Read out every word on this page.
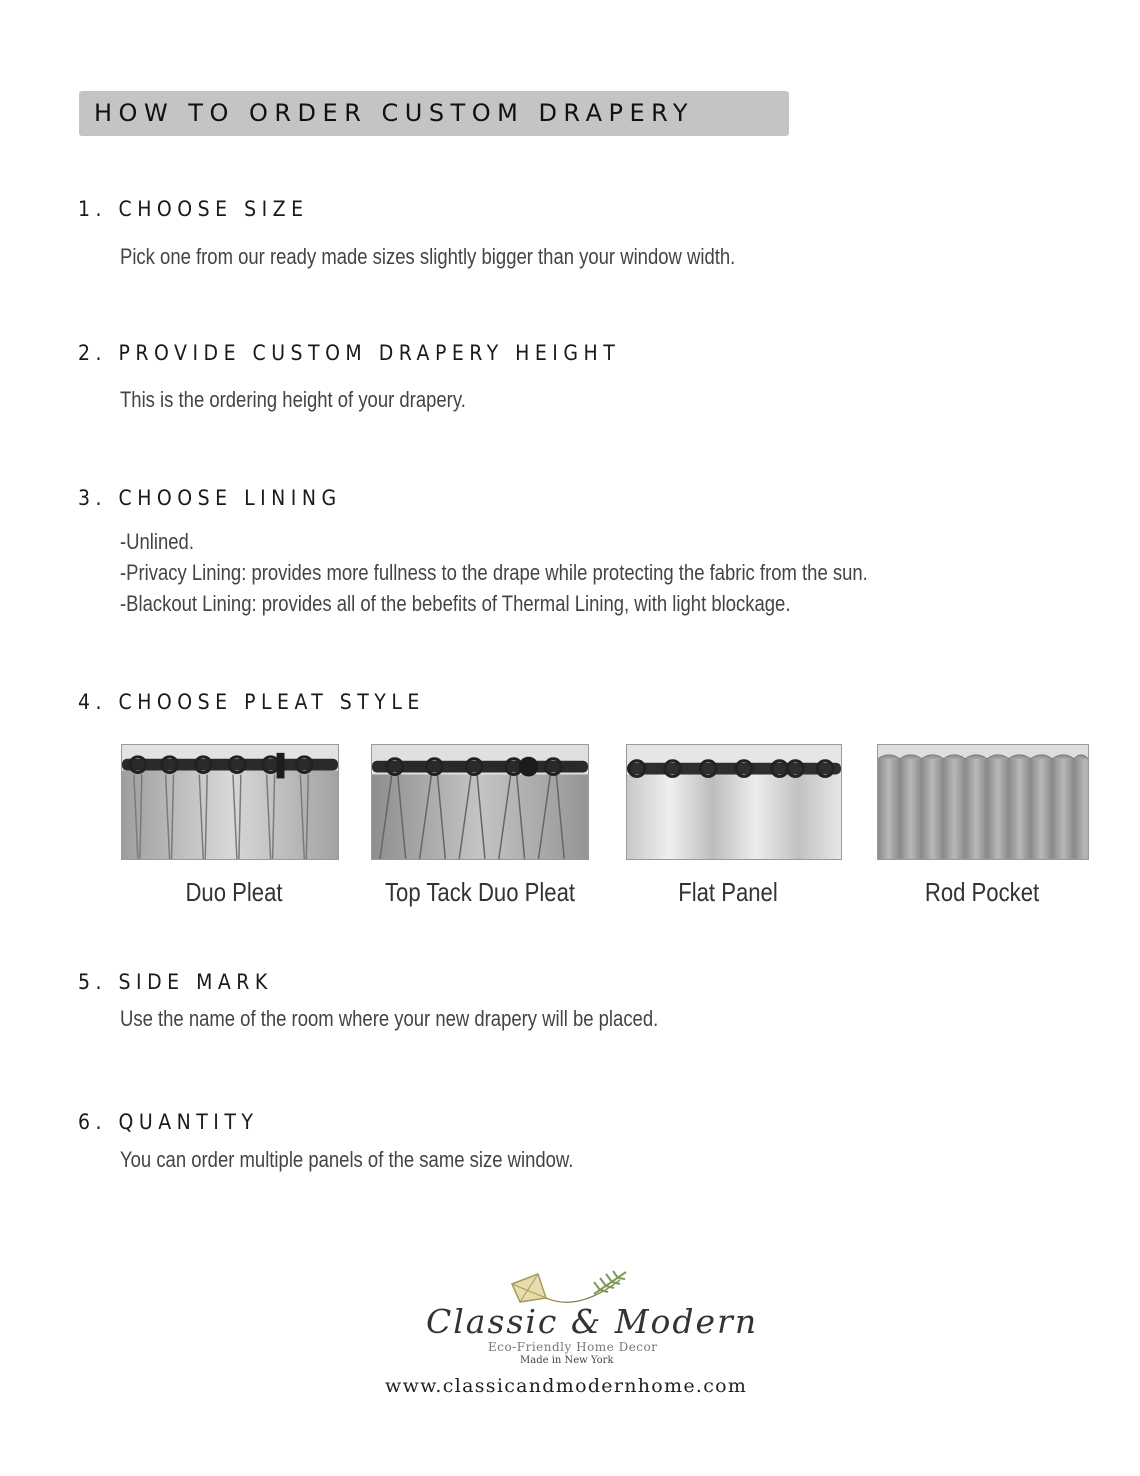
HOW TO ORDER CUSTOM DRAPERY
1. CHOOSE SIZE
Pick one from our ready made sizes slightly bigger than your window width.
2. PROVIDE CUSTOM DRAPERY HEIGHT
This is the ordering height of your drapery.
3. CHOOSE LINING
-Unlined.
-Privacy Lining: provides more fullness to the drape while protecting the fabric from the sun.
-Blackout Lining: provides all of the bebefits of Thermal Lining, with light blockage.
4. CHOOSE PLEAT STYLE
Duo Pleat	Top Tack Duo Pleat	Flat Panel	Rod Pocket
5. SIDE MARK
Use the name of the room where your new drapery will be placed.
6. QUANTITY
You can order multiple panels of the same size window.
Classic & Modern
Eco-Friendly Home Decor
Made in New York
www.classicandmodernhome.com
